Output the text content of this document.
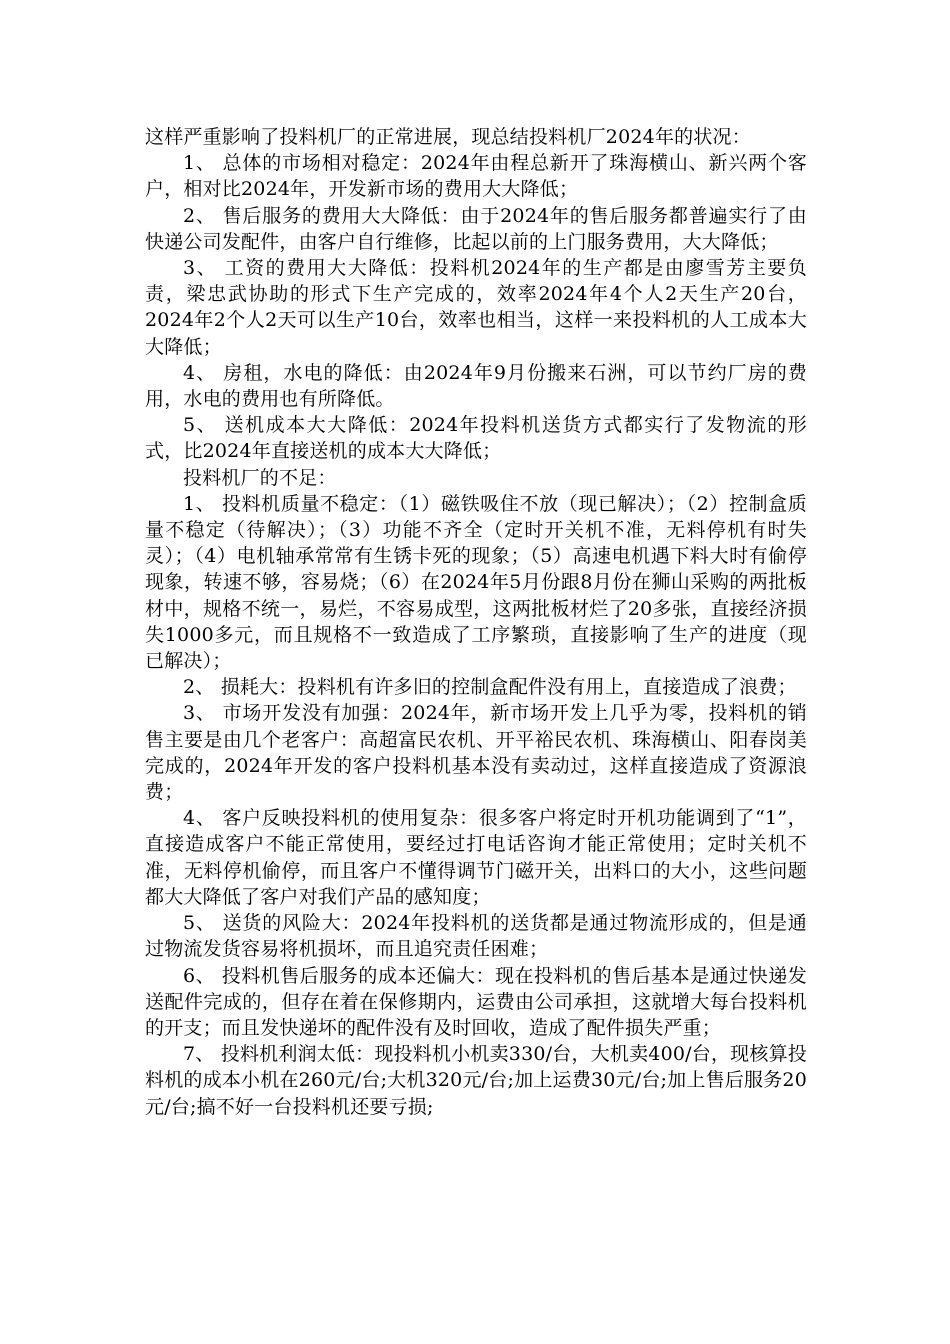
这样严重影响了投料机厂的正常进展，现总结投料机厂2024年的状况：

1、 总体的市场相对稳定：2024年由程总新开了珠海横山、新兴两个客户，相对比2024年，开发新市场的费用大大降低；

2、 售后服务的费用大大降低：由于2024年的售后服务都普遍实行了由快递公司发配件，由客户自行维修，比起以前的上门服务费用，大大降低；

3、 工资的费用大大降低：投料机2024年的生产都是由廖雪芳主要负责，梁忠武协助的形式下生产完成的，效率2024年4个人2天生产20台，2024年2个人2天可以生产10台，效率也相当，这样一来投料机的人工成本大大降低；

4、 房租，水电的降低：由2024年9月份搬来石洲，可以节约厂房的费用，水电的费用也有所降低。

5、 送机成本大大降低：2024年投料机送货方式都实行了发物流的形式，比2024年直接送机的成本大大降低；

投料机厂的不足：

1、 投料机质量不稳定：（1）磁铁吸住不放（现已解决）；（2）控制盒质量不稳定（待解决）；（3）功能不齐全（定时开关机不准，无料停机有时失灵）；（4）电机轴承常常有生锈卡死的现象；（5）高速电机遇下料大时有偷停现象，转速不够，容易烧；（6）在2024年5月份跟8月份在狮山采购的两批板材中，规格不统一，易烂，不容易成型，这两批板材烂了20多张，直接经济损失1000多元，而且规格不一致造成了工序繁琐，直接影响了生产的进度（现已解决）；

2、 损耗大：投料机有许多旧的控制盒配件没有用上，直接造成了浪费；

3、 市场开发没有加强：2024年，新市场开发上几乎为零，投料机的销售主要是由几个老客户：高超富民农机、开平裕民农机、珠海横山、阳春岗美完成的，2024年开发的客户投料机基本没有卖动过，这样直接造成了资源浪费；

4、 客户反映投料机的使用复杂：很多客户将定时开机功能调到了“1”，直接造成客户不能正常使用，要经过打电话咨询才能正常使用；定时关机不准，无料停机偷停，而且客户不懂得调节门磁开关，出料口的大小，这些问题都大大降低了客户对我们产品的感知度；

5、 送货的风险大：2024年投料机的送货都是通过物流形成的，但是通过物流发货容易将机损坏，而且追究责任困难；

6、 投料机售后服务的成本还偏大：现在投料机的售后基本是通过快递发送配件完成的，但存在着在保修期内，运费由公司承担，这就增大每台投料机的开支；而且发快递坏的配件没有及时回收，造成了配件损失严重；

7、 投料机利润太低：现投料机小机卖330/台，大机卖400/台，现核算投料机的成本小机在260元/台;大机320元/台;加上运费30元/台;加上售后服务20元/台;搞不好一台投料机还要亏损;
